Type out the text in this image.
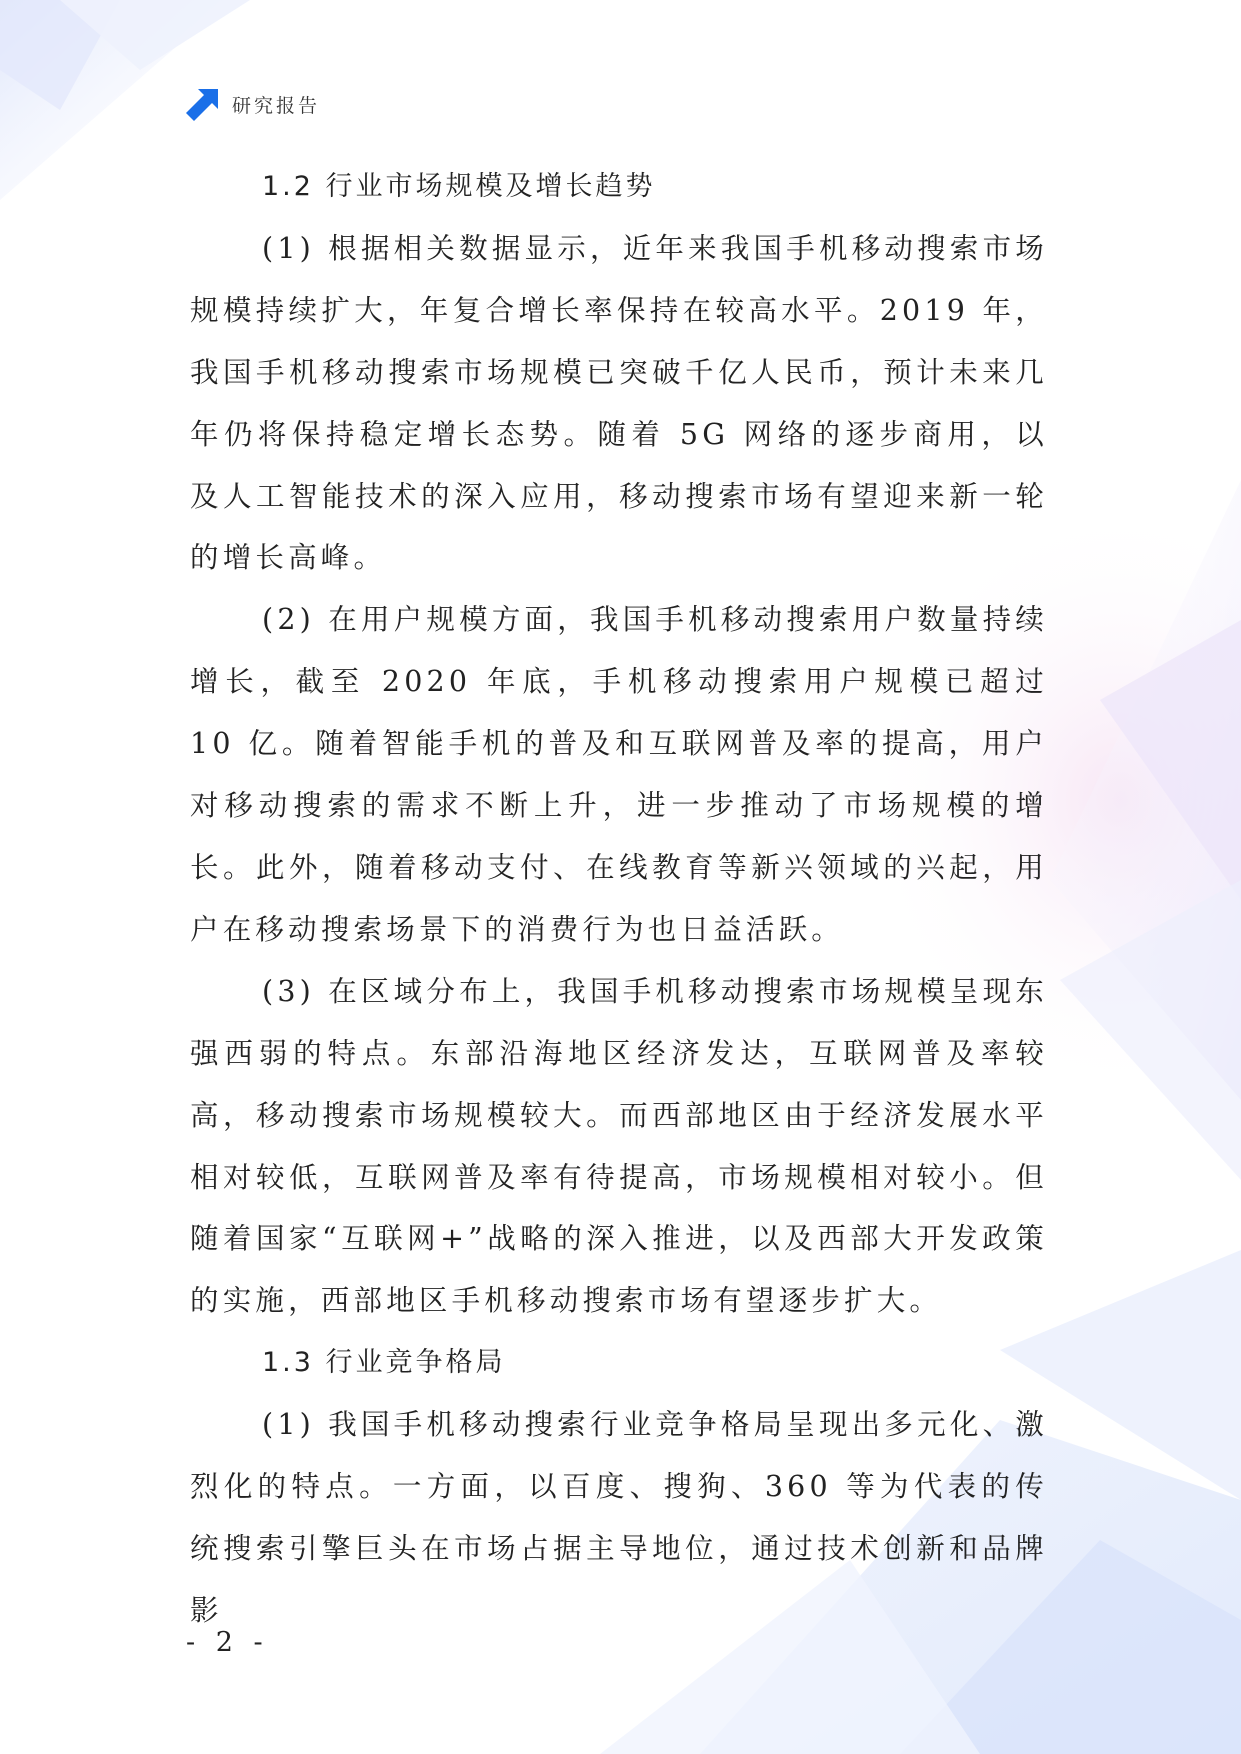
研究报告

1.2 行业市场规模及增长趋势

(1) 根据相关数据显示，近年来我国手机移动搜索市场规模持续扩大，年复合增长率保持在较高水平。2019 年，我国手机移动搜索市场规模已突破千亿人民币，预计未来几年仍将保持稳定增长态势。随着 5G 网络的逐步商用，以及人工智能技术的深入应用，移动搜索市场有望迎来新一轮的增长高峰。

(2) 在用户规模方面，我国手机移动搜索用户数量持续增长，截至 2020 年底，手机移动搜索用户规模已超过 10 亿。随着智能手机的普及和互联网普及率的提高，用户对移动搜索的需求不断上升，进一步推动了市场规模的增长。此外，随着移动支付、在线教育等新兴领域的兴起，用户在移动搜索场景下的消费行为也日益活跃。

(3) 在区域分布上，我国手机移动搜索市场规模呈现东强西弱的特点。东部沿海地区经济发达，互联网普及率较高，移动搜索市场规模较大。而西部地区由于经济发展水平相对较低，互联网普及率有待提高，市场规模相对较小。但随着国家“互联网+”战略的深入推进，以及西部大开发政策的实施，西部地区手机移动搜索市场有望逐步扩大。

1.3 行业竞争格局

(1) 我国手机移动搜索行业竞争格局呈现出多元化、激烈化的特点。一方面，以百度、搜狗、360 等为代表的传统搜索引擎巨头在市场占据主导地位，通过技术创新和品牌影

- 2 -
